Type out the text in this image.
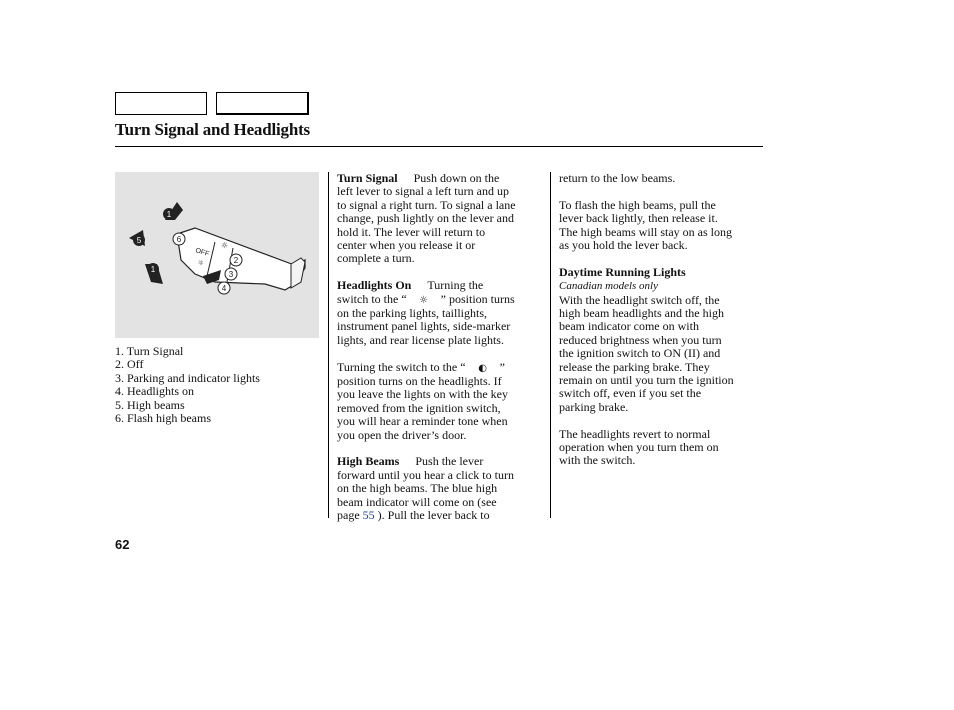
Turn Signal and Headlights
OFF
☼
☼
1
5	6
1
2
3
4
1. Turn Signal
2. Off
3. Parking and indicator lights
4. Headlights on
5. High beams
6. Flash high beams

Turn Signal Push down on the
left lever to signal a left turn and up
to signal a right turn. To signal a lane
change, push lightly on the lever and
hold it. The lever will return to
center when you release it or
complete a turn.

Headlights On Turning the
switch to the “ ☼ ” position turns
on the parking lights, taillights,
instrument panel lights, side-marker
lights, and rear license plate lights.

Turning the switch to the “ ◐ ”
position turns on the headlights. If
you leave the lights on with the key
removed from the ignition switch,
you will hear a reminder tone when
you open the driver’s door.

High Beams Push the lever
forward until you hear a click to turn
on the high beams. The blue high
beam indicator will come on (see
page 55 ). Pull the lever back to

return to the low beams.

To flash the high beams, pull the
lever back lightly, then release it.
The high beams will stay on as long
as you hold the lever back.

Daytime Running Lights
Canadian models only
With the headlight switch off, the
high beam headlights and the high
beam indicator come on with
reduced brightness when you turn
the ignition switch to ON (II) and
release the parking brake. They
remain on until you turn the ignition
switch off, even if you set the
parking brake.

The headlights revert to normal
operation when you turn them on
with the switch.

62
